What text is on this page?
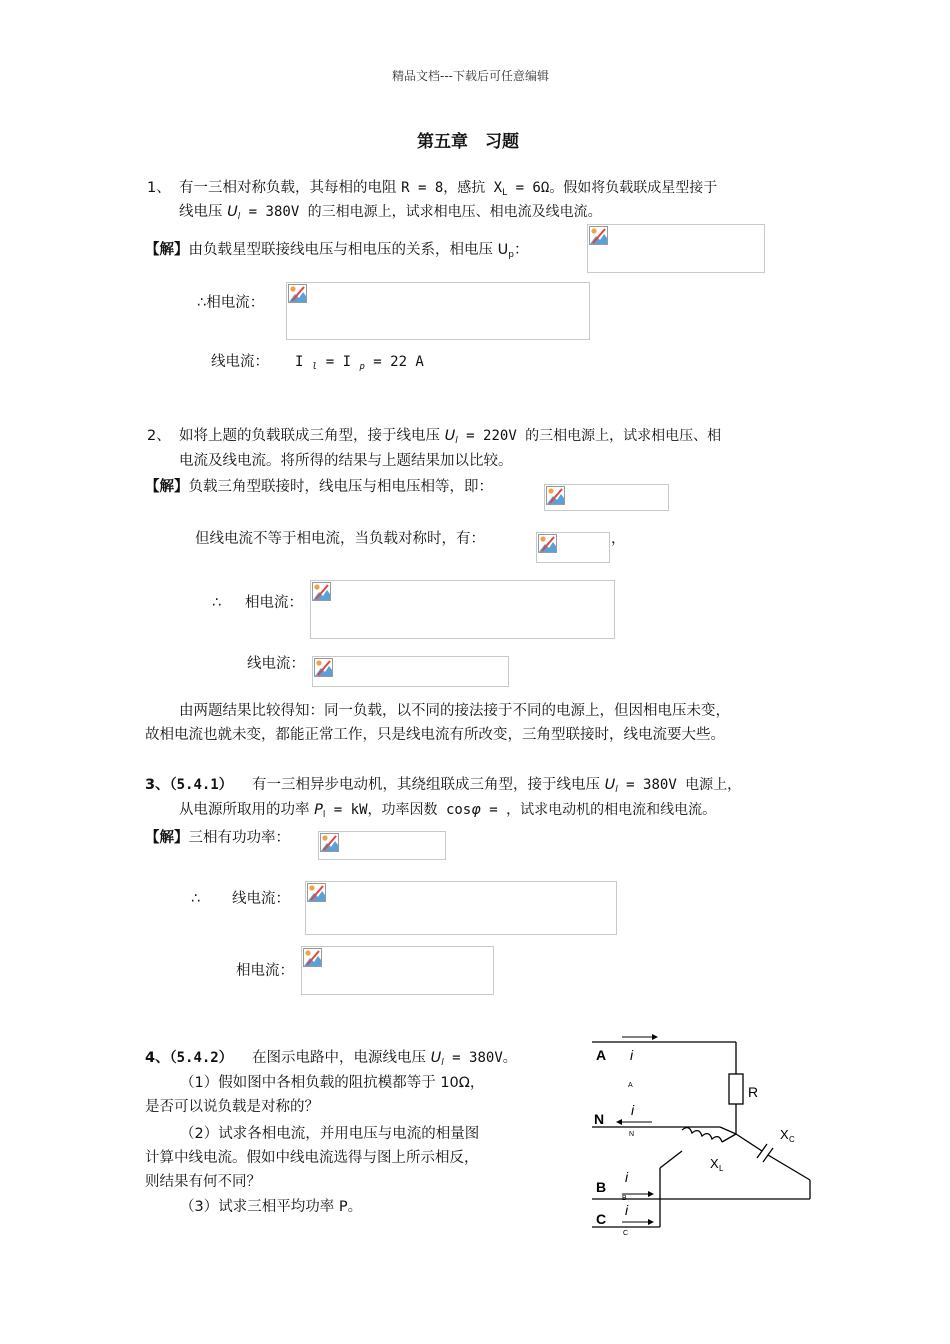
精品文档---下载后可任意编辑
第五章　习题
1、 有一三相对称负载，其每相的电阻 R = 8，感抗 $X_L = 6\Omega$。假如将负载联成星型接于
线电压 $U_l = 380V$ 的三相电源上，试求相电压、相电流及线电流。
【解】由负载星型联接线电压与相电压的关系，相电压 $U_p$：
∴相电流：
线电流： I $_l$ = I $_p$ = 22 A
2、 如将上题的负载联成三角型，接于线电压 $U_l = 220V$ 的三相电源上，试求相电压、相
电流及线电流。将所得的结果与上题结果加以比较。
【解】负载三角型联接时，线电压与相电压相等，即：
但线电流不等于相电流，当负载对称时，有：	，
∴ 相电流：
线电流：
由两题结果比较得知：同一负载，以不同的接法接于不同的电源上，但因相电压未变，
故相电流也就未变，都能正常工作，只是线电流有所改变，三角型联接时，线电流要大些。
3、（5.4.1） 有一三相异步电动机，其绕组联成三角型，接于线电压 $U_l = 380V$ 电源上，
从电源所取用的功率 $P_l$ = kW，功率因数 cosφ = ，试求电动机的相电流和线电流。
【解】三相有功功率：
∴ 线电流：
相电流：
4、（5.4.2） 在图示电路中，电源线电压 $U_l = 380V$。
（1）假如图中各相负载的阻抗模都等于 10Ω，
是否可以说负载是对称的？
（2）试求各相电流，并用电压与电流的相量图
计算中线电流。假如中线电流选得与图上所示相反，
则结果有何不同？
（3）试求三相平均功率 P。
A
N
B
C
i
A
i
N
i
B
i
C
R
X L
X C
